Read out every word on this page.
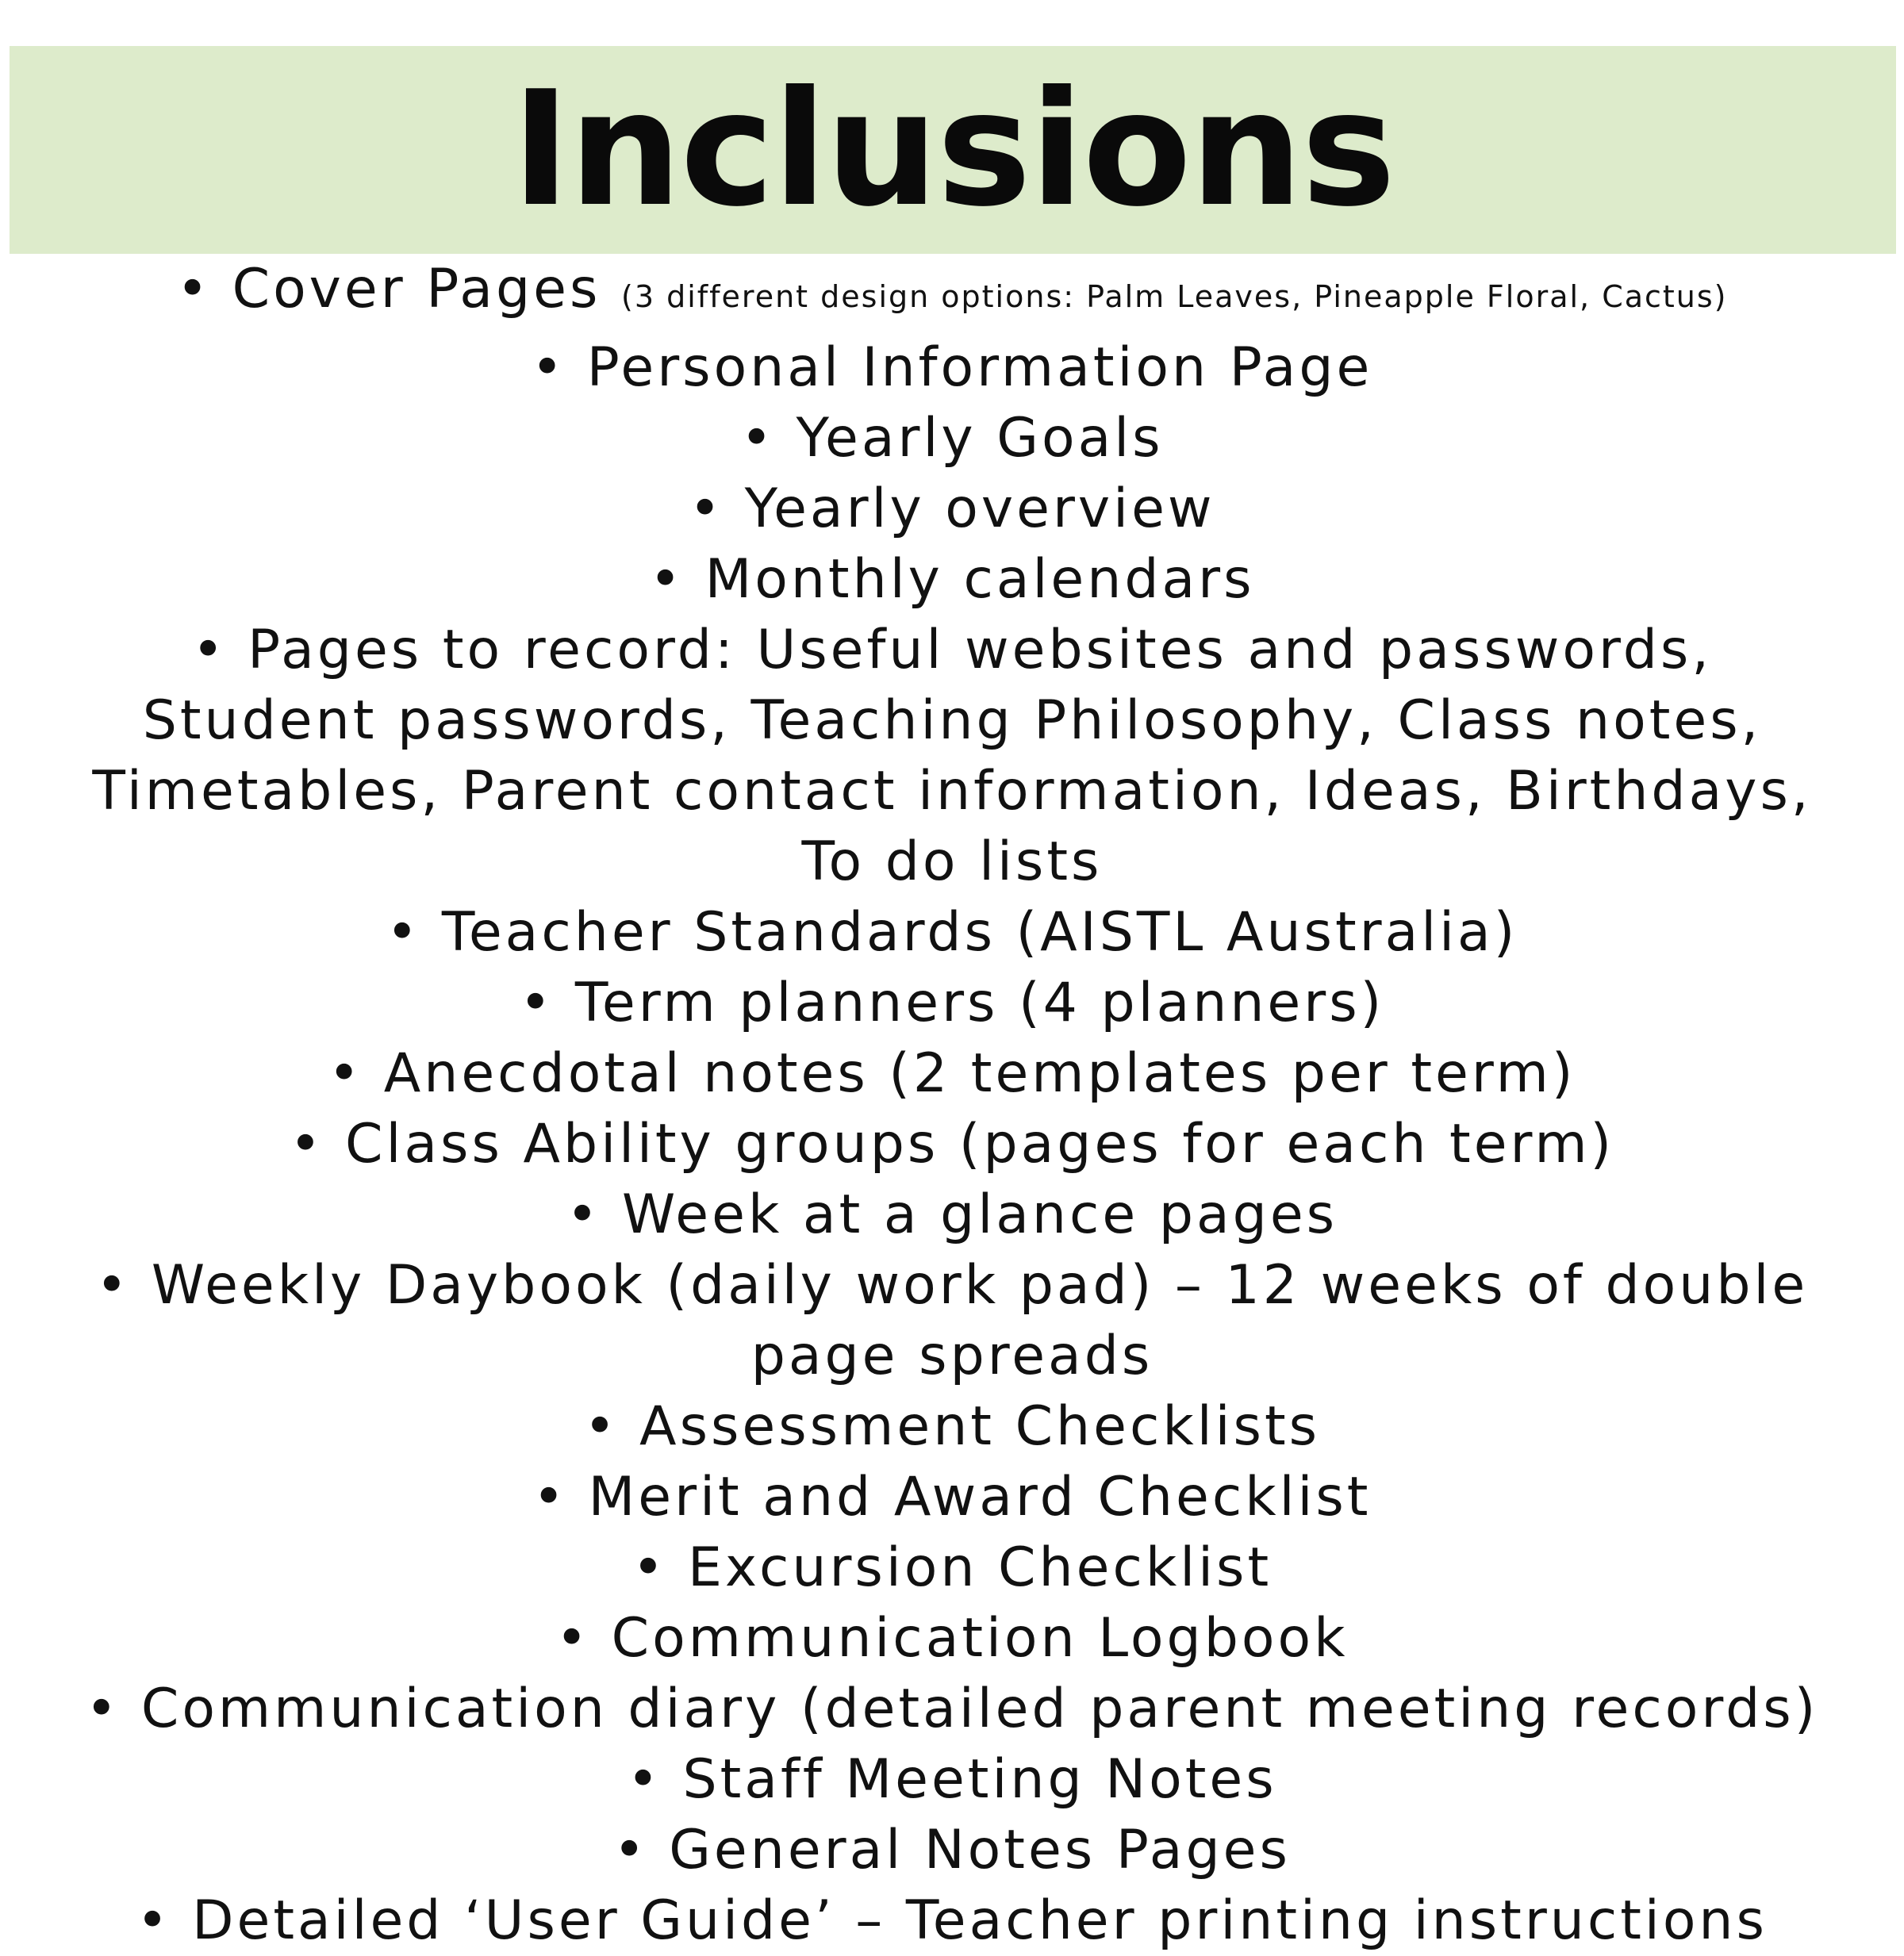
Inclusions
• Cover Pages (3 different design options: Palm Leaves, Pineapple Floral, Cactus)
• Personal Information Page
• Yearly Goals
• Yearly overview
• Monthly calendars
• Pages to record: Useful websites and passwords, Student passwords, Teaching Philosophy, Class notes, Timetables, Parent contact information, Ideas, Birthdays, To do lists
• Teacher Standards (AISTL Australia)
• Term planners (4 planners)
• Anecdotal notes (2 templates per term)
• Class Ability groups (pages for each term)
• Week at a glance pages
• Weekly Daybook (daily work pad) – 12 weeks of double page spreads
• Assessment Checklists
• Merit and Award Checklist
• Excursion Checklist
• Communication Logbook
• Communication diary (detailed parent meeting records)
• Staff Meeting Notes
• General Notes Pages
• Detailed ‘User Guide’ – Teacher printing instructions
